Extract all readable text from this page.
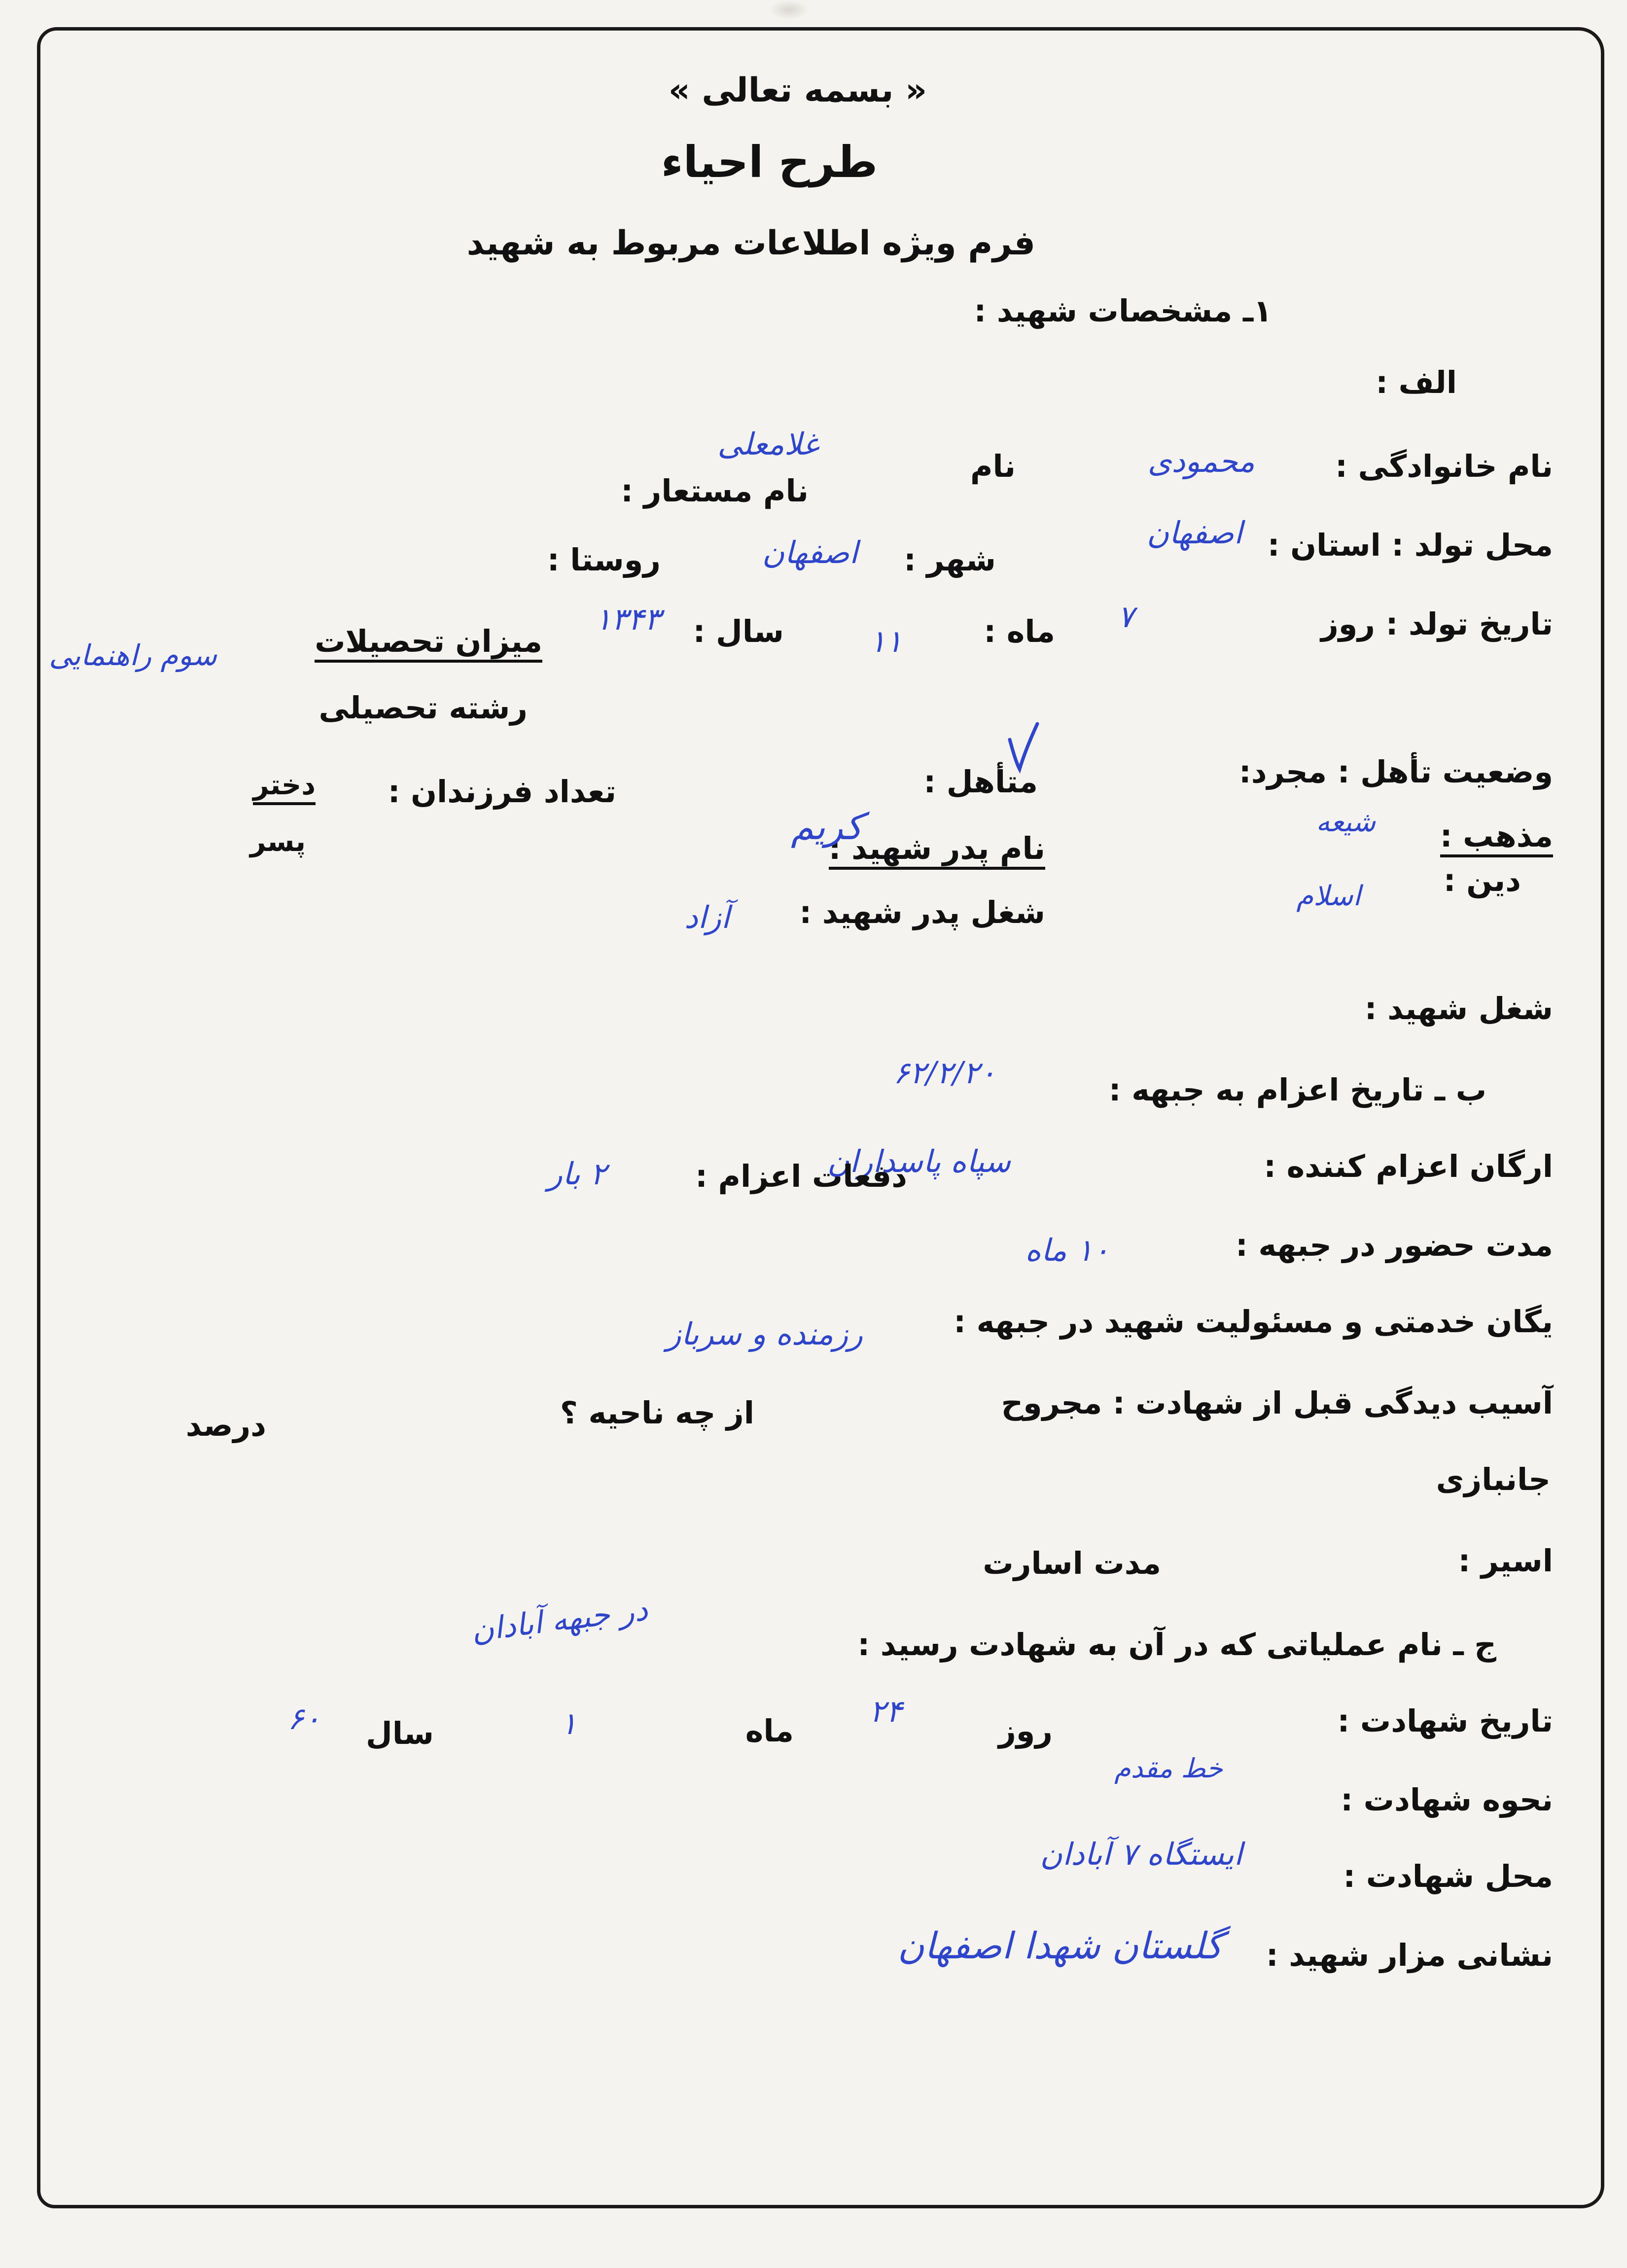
« بسمه تعالی »
طرح احیاء
فرم ویژه اطلاعات مربوط به شهید
۱ـ مشخصات شهید :
الف :
نام خانوادگی :
محمودی
نام
غلامعلی
نام مستعار :
محل تولد : استان :
اصفهان
شهر :
اصفهان
روستا :
تاریخ تولد : روز
۷
ماه :
۱۱
سال :
۱۳۴۳
میزان تحصیلات
سوم راهنمایی
رشته تحصیلی
وضعیت تأهل : مجرد:
متأهل :
تعداد فرزندان :
دختر
پسر	مذهب :
شیعه
دین :
اسلام
نام پدر شهید :
کریم
شغل پدر شهید :
آزاد
شغل شهید :
ب ـ تاریخ اعزام به جبهه :
۶۲/۲/۲۰
ارگان اعزام کننده :
سپاه پاسداران
دفعات اعزام :
۲ بار
مدت حضور در جبهه :
۱۰ ماه
یگان خدمتی و مسئولیت شهید در جبهه :
رزمنده و سرباز
آسیب دیدگی قبل از شهادت : مجروح
از چه ناحیه ؟
درصد
جانبازی
اسیر :
مدت اسارت
ج ـ نام عملیاتی که در آن به شهادت رسید :
در جبهه آبادان
تاریخ شهادت :
روز
۲۴
ماه
۱
سال
۶۰
نحوه شهادت :
خط مقدم
محل شهادت :
ایستگاه ۷ آبادان
نشانی مزار شهید :
گلستان شهدا اصفهان
